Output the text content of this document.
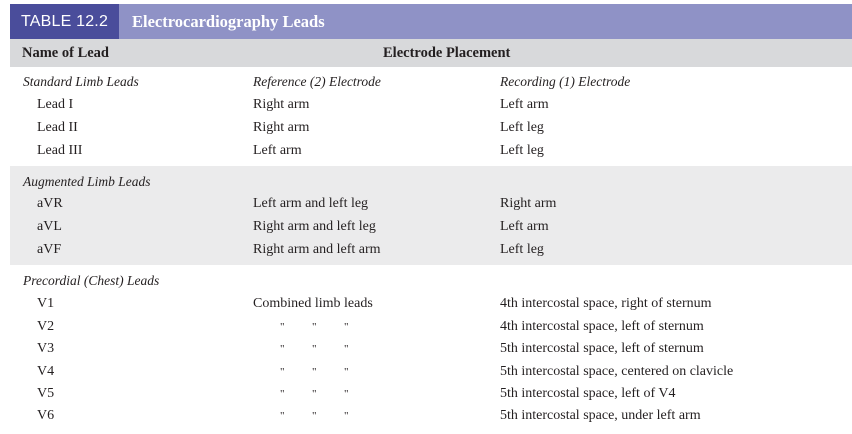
TABLE 12.2	Electrocardiography Leads
Name of Lead	Electrode Placement
Standard Limb Leads	Reference (2) Electrode	Recording (1) Electrode
Lead I	Right arm	Left arm
Lead II	Right arm	Left leg
Lead III	Left arm	Left leg
Augmented Limb Leads
aVR	Left arm and left leg	Right arm
aVL	Right arm and left leg	Left arm
aVF	Right arm and left arm	Left leg
Precordial (Chest) Leads
V1	Combined limb leads	4th intercostal space, right of sternum
V2	"          "          "	4th intercostal space, left of sternum
V3	"          "          "	5th intercostal space, left of sternum
V4	"          "          "	5th intercostal space, centered on clavicle
V5	"          "          "	5th intercostal space, left of V4
V6	"          "          "	5th intercostal space, under left arm
